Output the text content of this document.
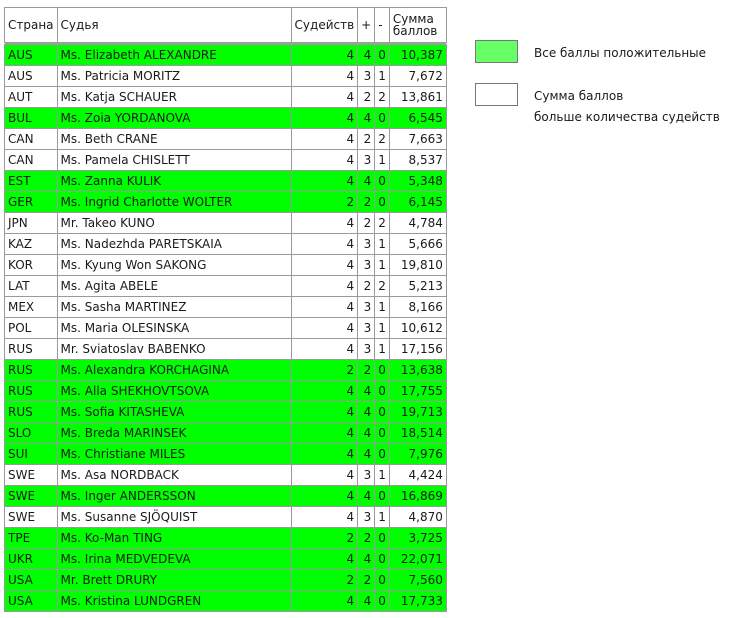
Страна	Судья	Судейств	+	-	Сумма баллов

AUS	Ms. Elizabeth ALEXANDRE	4	4	0	10,387
AUS	Ms. Patricia MORITZ	4	3	1	7,672
AUT	Ms. Katja SCHAUER	4	2	2	13,861
BUL	Ms. Zoia YORDANOVA	4	4	0	6,545
CAN	Ms. Beth CRANE	4	2	2	7,663
CAN	Ms. Pamela CHISLETT	4	3	1	8,537
EST	Ms. Zanna KULIK	4	4	0	5,348
GER	Ms. Ingrid Charlotte WOLTER	2	2	0	6,145
JPN	Mr. Takeo KUNO	4	2	2	4,784
KAZ	Ms. Nadezhda PARETSKAIA	4	3	1	5,666
KOR	Ms. Kyung Won SAKONG	4	3	1	19,810
LAT	Ms. Agita ABELE	4	2	2	5,213
MEX	Ms. Sasha MARTINEZ	4	3	1	8,166
POL	Ms. Maria OLESINSKA	4	3	1	10,612
RUS	Mr. Sviatoslav BABENKO	4	3	1	17,156
RUS	Ms. Alexandra KORCHAGINA	2	2	0	13,638
RUS	Ms. Alla SHEKHOVTSOVA	4	4	0	17,755
RUS	Ms. Sofia KITASHEVA	4	4	0	19,713
SLO	Ms. Breda MARINSEK	4	4	0	18,514
SUI	Ms. Christiane MILES	4	4	0	7,976
SWE	Ms. Asa NORDBACK	4	3	1	4,424
SWE	Ms. Inger ANDERSSON	4	4	0	16,869
SWE	Ms. Susanne SJÖQUIST	4	3	1	4,870
TPE	Ms. Ko-Man TING	2	2	0	3,725
UKR	Ms. Irina MEDVEDEVA	4	4	0	22,071
USA	Mr. Brett DRURY	2	2	0	7,560
USA	Ms. Kristina LUNDGREN	4	4	0	17,733
Все баллы положительные
Сумма баллов
больше количества судейств
